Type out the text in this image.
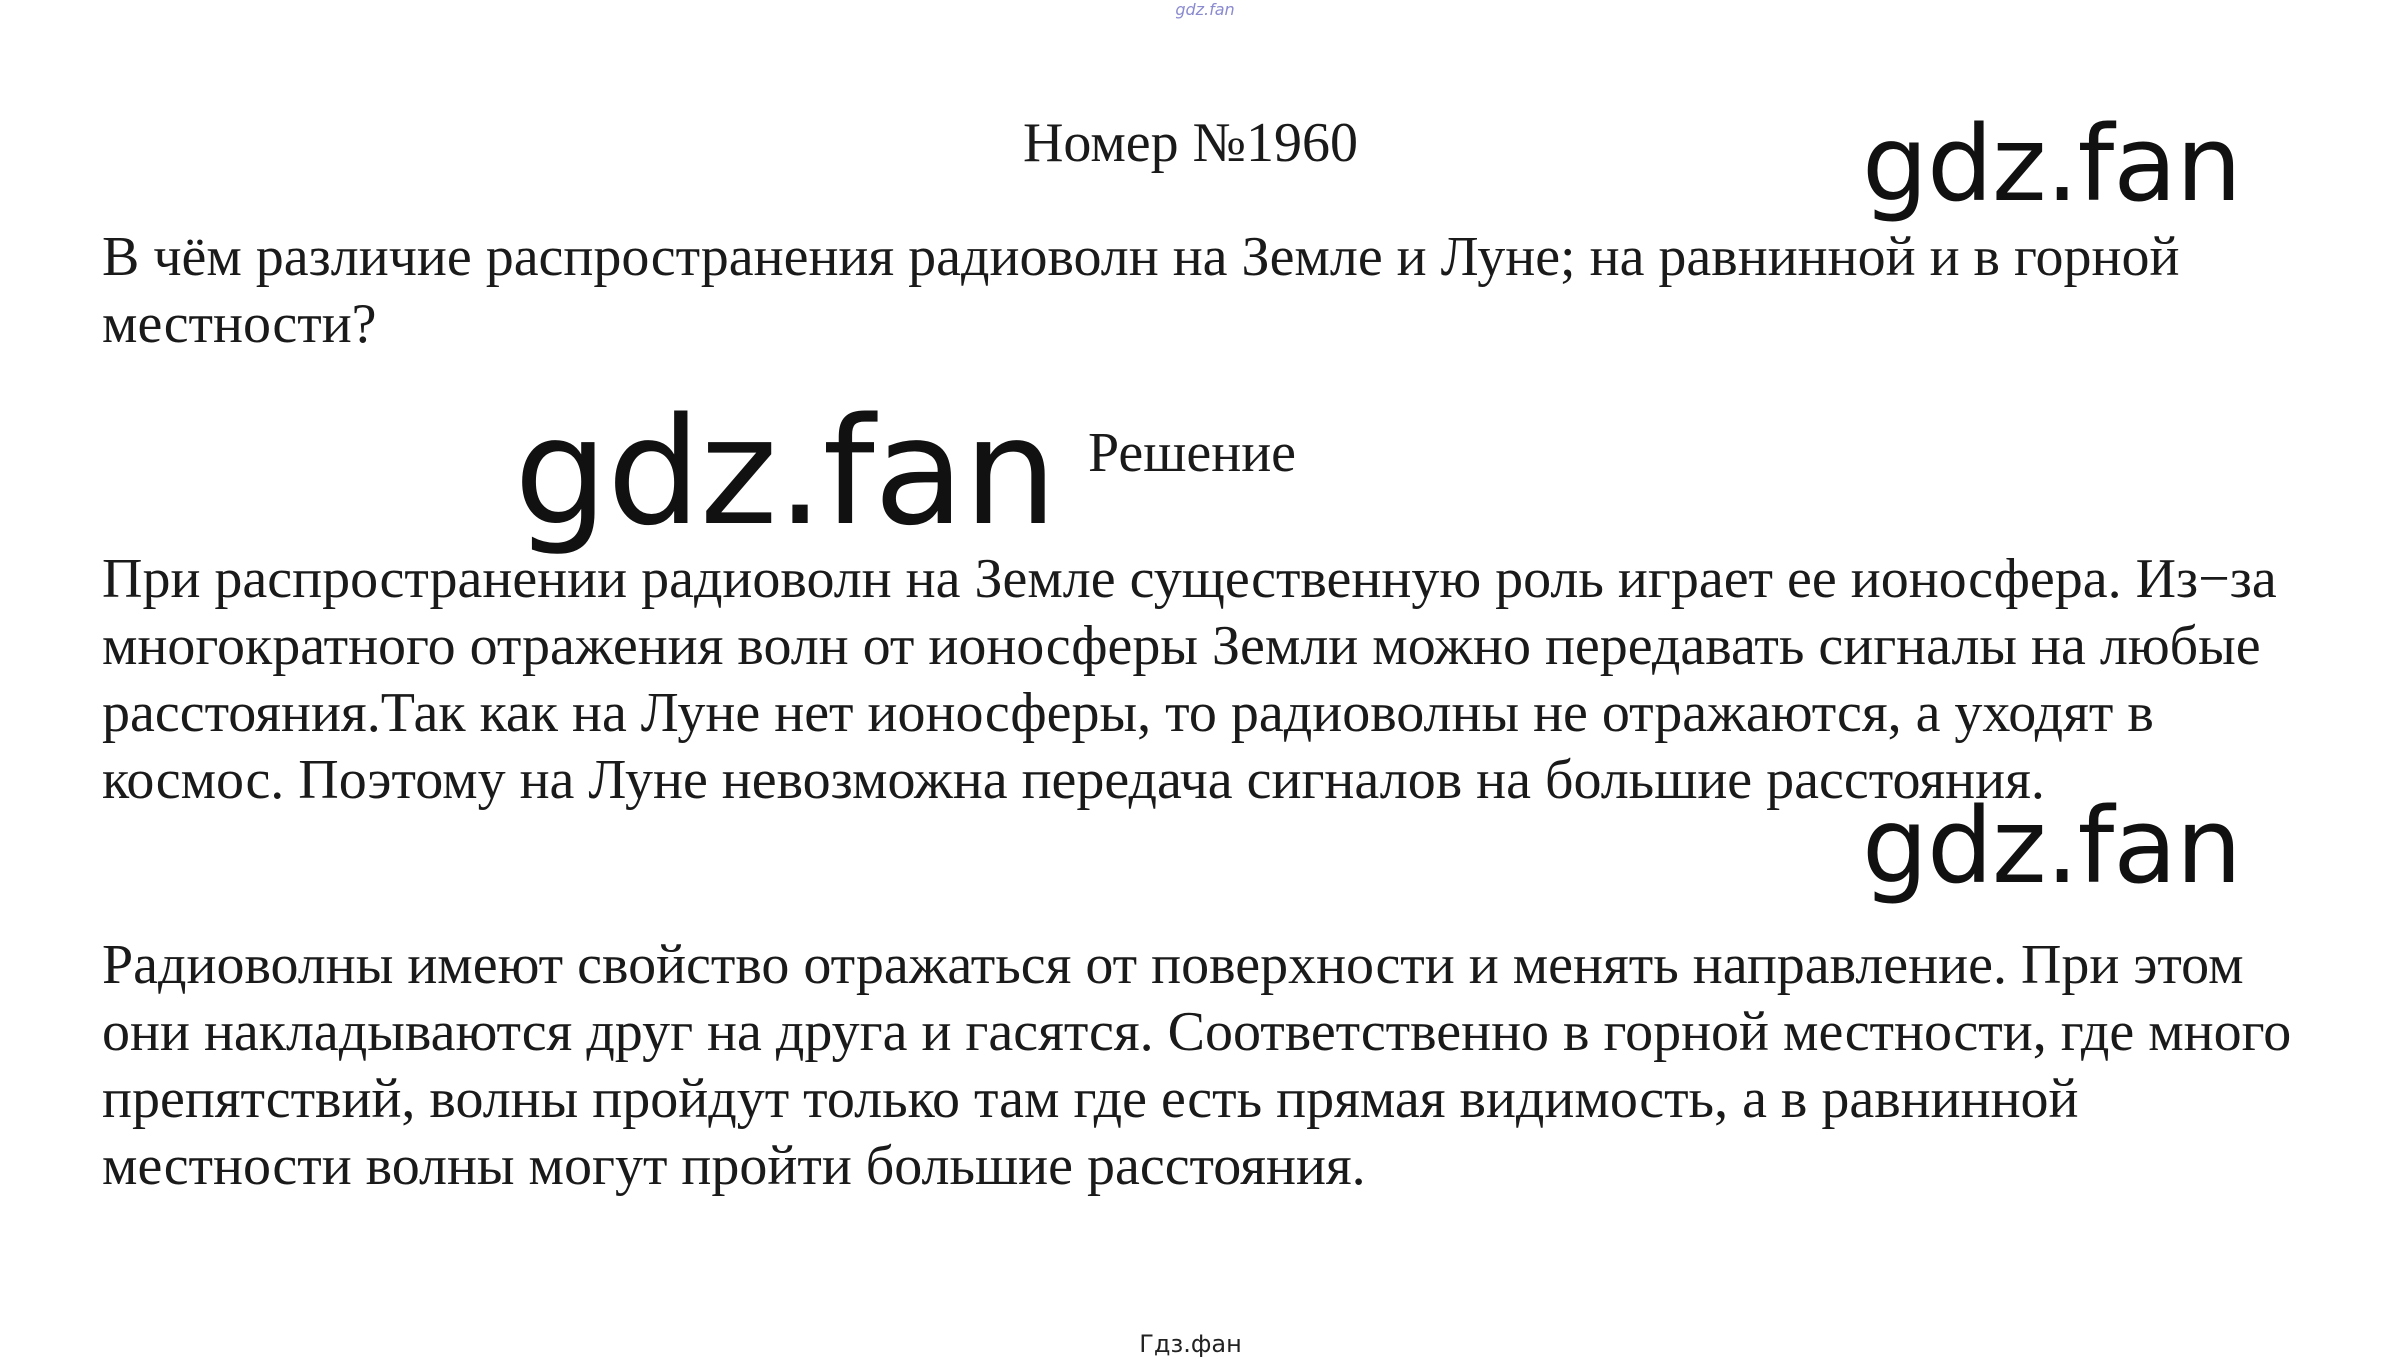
gdz.fan
Номер №1960	gdz.fan

В чём различие распространения радиоволн на Земле и Луне; на равнинной и в горной местности?

gdz.fan Решение

При распространении радиоволн на Земле существенную роль играет ее ионосфера. Из−за многократного отражения волн от ионосферы Земли можно передавать сигналы на любые расстояния.Так как на Луне нет ионосферы, то радиоволны не отражаются, а уходят в космос. Поэтому на Луне невозможна передача сигналов на большие расстояния.

gdz.fan

Радиоволны имеют свойство отражаться от поверхности и менять направление. При этом они накладываются друг на друга и гасятся. Соответственно в горной местности, где много препятствий, волны пройдут только там где есть прямая видимость, а в равнинной местности волны могут пройти большие расстояния.

Гдз.фан
